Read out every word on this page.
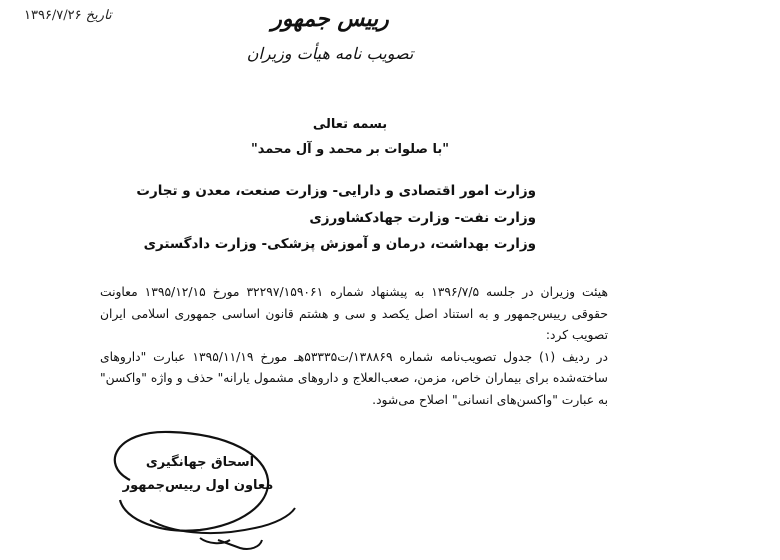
تاریخ ۱۳۹۶/۷/۲۶	رییس جمهور
تصویب نامه هیأت وزیران
بسمه تعالی
"با صلوات بر محمد و آل محمد"
وزارت امور اقتصادی و دارایی- وزارت صنعت، معدن و تجارت
وزارت نفت- وزارت جهادکشاورزی
وزارت بهداشت، درمان و آموزش پزشکی- وزارت دادگستری

هیئت وزیران در جلسه ۱۳۹۶/۷/۵ به پیشنهاد شماره ۳۲۲۹۷/۱۵۹۰۶۱ مورخ ۱۳۹۵/۱۲/۱۵ معاونت حقوقی رییس‌جمهور و به استناد اصل یکصد و سی و هشتم قانون اساسی جمهوری اسلامی ایران تصویب کرد:

در ردیف (۱) جدول تصویب‌نامه شماره ۱۳۸۸۶۹/ت۵۳۳۳۵هـ مورخ ۱۳۹۵/۱۱/۱۹ عبارت "داروهای ساخته‌شده برای بیماران خاص، مزمن، صعب‌العلاج و داروهای مشمول یارانه" حذف و واژه "واکسن" به عبارت "واکسن‌های انسانی" اصلاح می‌شود.

اسحاق جهانگیری
معاون اول رییس‌جمهور
